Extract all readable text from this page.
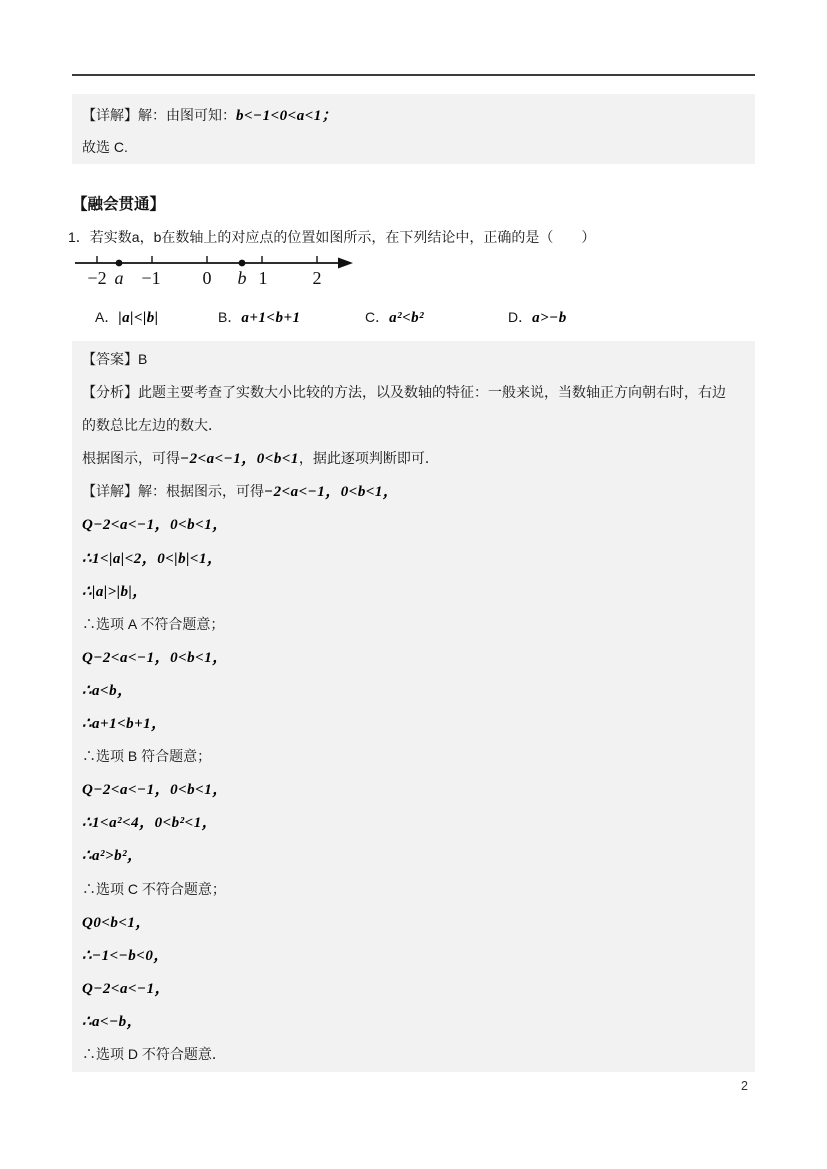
【详解】解：由图可知：b<−1<0<a<1；
故选 C.
【融会贯通】
1．若实数a，b在数轴上的对应点的位置如图所示，在下列结论中，正确的是（　　）
−2 a −1 0 b 1	2
A．|a|<|b|	B．a+1<b+1	C．a²<b²	D．a>−b
【答案】B
【分析】此题主要考查了实数大小比较的方法，以及数轴的特征：一般来说，当数轴正方向朝右时，右边
的数总比左边的数大．
根据图示，可得−2<a<−1，0<b<1，据此逐项判断即可．
【详解】解：根据图示，可得−2<a<−1，0<b<1，
Q−2<a<−1，0<b<1，
∴1<|a|<2，0<|b|<1，
∴|a|>|b|，
∴选项 A 不符合题意；
Q−2<a<−1，0<b<1，
∴a<b，
∴a+1<b+1，
∴选项 B 符合题意；
Q−2<a<−1，0<b<1，
∴1<a²<4，0<b²<1，
∴a²>b²，
∴选项 C 不符合题意；
Q0<b<1，
∴−1<−b<0，
Q−2<a<−1，
∴a<−b，
∴选项 D 不符合题意．
2
